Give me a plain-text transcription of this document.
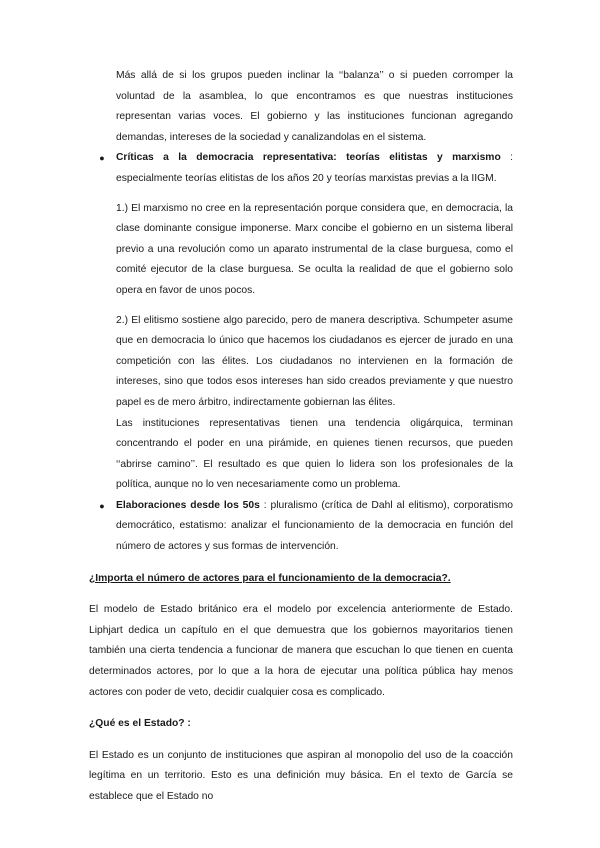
Más allá de si los grupos pueden inclinar la ‘‘balanza’’ o si pueden corromper la voluntad de la asamblea, lo que encontramos es que nuestras instituciones representan varias voces. El gobierno y las instituciones funcionan agregando demandas, intereses de la sociedad y canalizandolas en el sistema.

●	Críticas a la democracia representativa: teorías elitistas y marxismo : especialmente teorías elitistas de los años 20 y teorías marxistas previas a la IIGM.

1.) El marxismo no cree en la representación porque considera que, en democracia, la clase dominante consigue imponerse. Marx concibe el gobierno en un sistema liberal previo a una revolución como un aparato instrumental de la clase burguesa, como el comité ejecutor de la clase burguesa. Se oculta la realidad de que el gobierno solo opera en favor de unos pocos.

2.) El elitismo sostiene algo parecido, pero de manera descriptiva. Schumpeter asume que en democracia lo único que hacemos los ciudadanos es ejercer de jurado en una competición con las élites. Los ciudadanos no intervienen en la formación de intereses, sino que todos esos intereses han sido creados previamente y que nuestro papel es de mero árbitro, indirectamente gobiernan las élites.

Las instituciones representativas tienen una tendencia oligárquica, terminan concentrando el poder en una pirámide, en quienes tienen recursos, que pueden ‘‘abrirse camino’’. El resultado es que quien lo lidera son los profesionales de la política, aunque no lo ven necesariamente como un problema.

●	Elaboraciones desde los 50s : pluralismo (crítica de Dahl al elitismo), corporatismo democrático, estatismo: analizar el funcionamiento de la democracia en función del número de actores y sus formas de intervención.

¿Importa el número de actores para el funcionamiento de la democracia?.

El modelo de Estado británico era el modelo por excelencia anteriormente de Estado. Liphjart dedica un capítulo en el que demuestra que los gobiernos mayoritarios tienen también una cierta tendencia a funcionar de manera que escuchan lo que tienen en cuenta determinados actores, por lo que a la hora de ejecutar una política pública hay menos actores con poder de veto, decidir cualquier cosa es complicado.

¿Qué es el Estado? :

El Estado es un conjunto de instituciones que aspiran al monopolio del uso de la coacción legítima en un territorio. Esto es una definición muy básica. En el texto de García se establece que el Estado no
